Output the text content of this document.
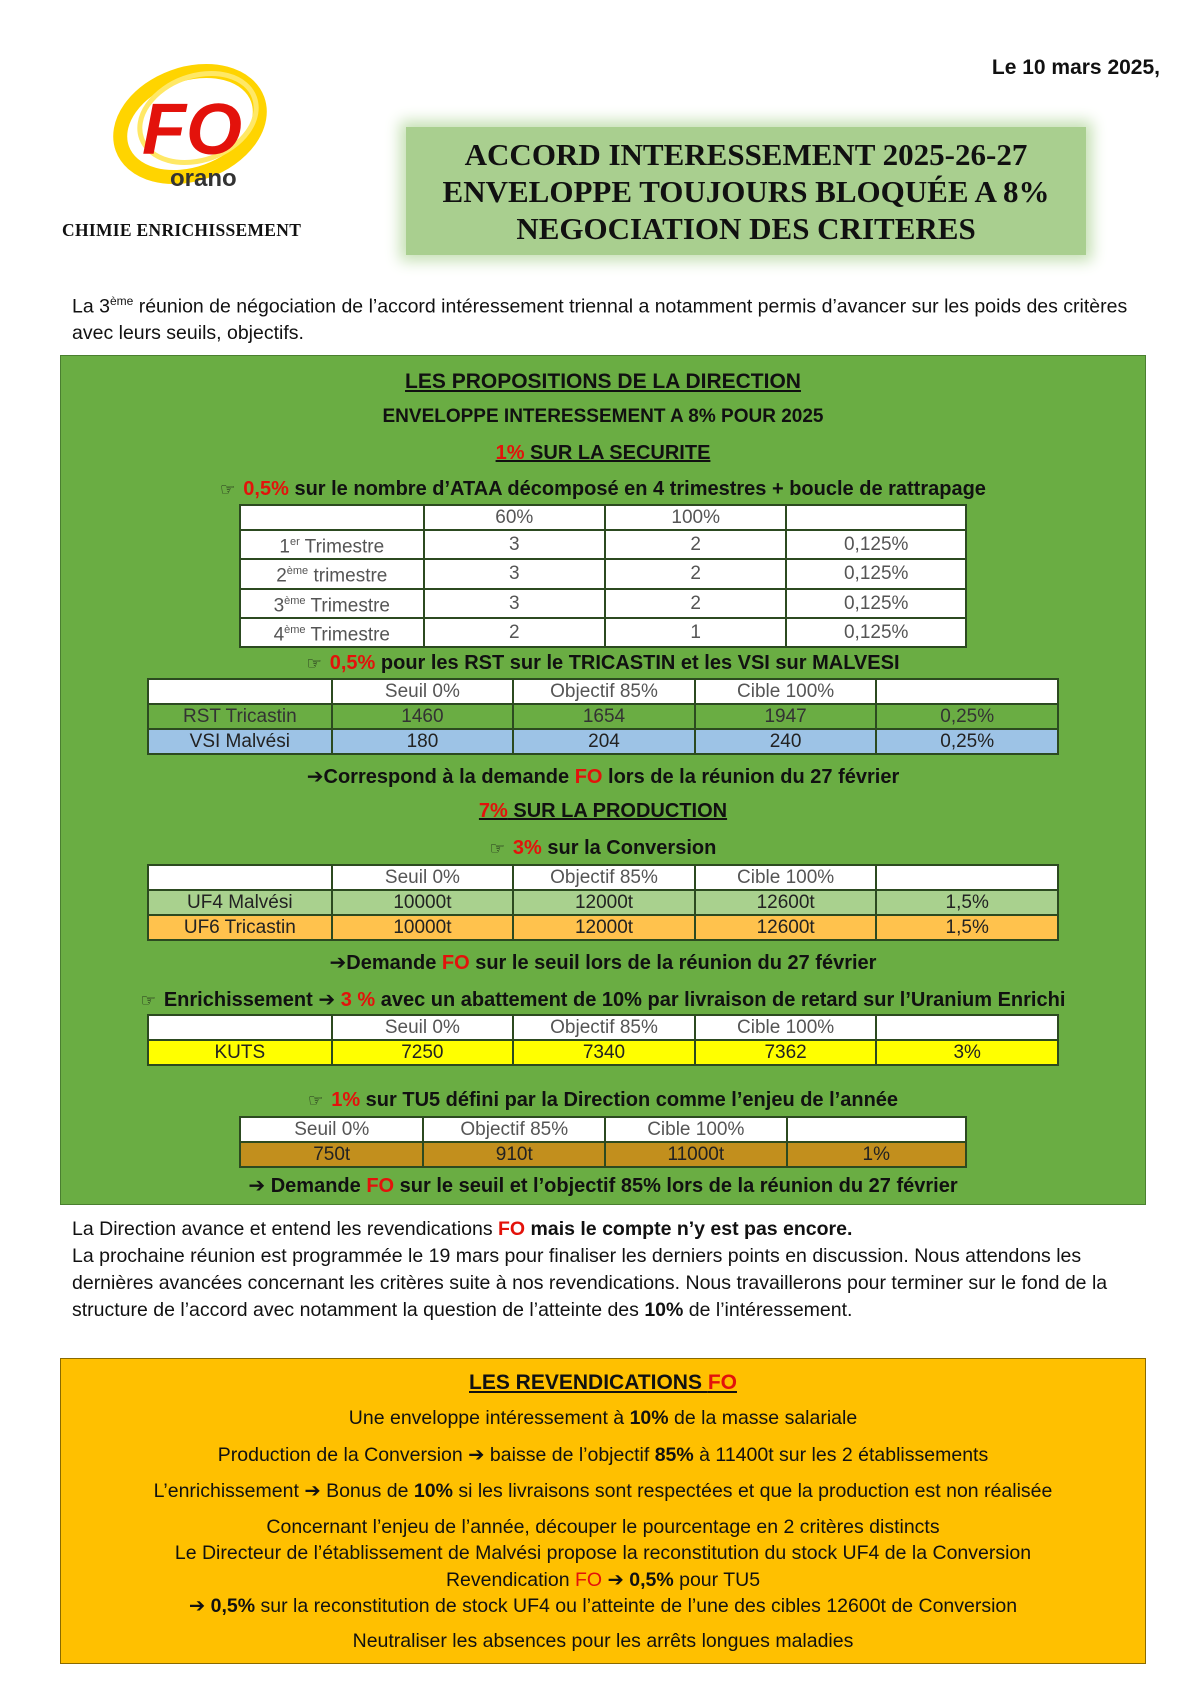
Le 10 mars 2025,
FO
orano
CHIMIE ENRICHISSEMENT
ACCORD INTERESSEMENT 2025-26-27
ENVELOPPE TOUJOURS BLOQUÉE A 8%
NEGOCIATION DES CRITERES
La 3ème réunion de négociation de l’accord intéressement triennal a notamment permis d’avancer sur les poids des critères avec leurs seuils, objectifs.
LES PROPOSITIONS DE LA DIRECTION
ENVELOPPE INTERESSEMENT A 8% POUR 2025
1% SUR LA SECURITE
☞ 0,5% sur le nombre d’ATAA décomposé en 4 trimestres + boucle de rattrapage
	60%	100%	
1er Trimestre	3	2	0,125%
2ème trimestre	3	2	0,125%
3ème Trimestre	3	2	0,125%
4ème Trimestre	2	1	0,125%
☞ 0,5% pour les RST sur le TRICASTIN et les VSI sur MALVESI
	Seuil 0%	Objectif 85%	Cible 100%	
RST Tricastin	1460	1654	1947	0,25%
VSI Malvési	180	204	240	0,25%
➔Correspond à la demande FO lors de la réunion du 27 février
7% SUR LA PRODUCTION
☞ 3% sur la Conversion
	Seuil 0%	Objectif 85%	Cible 100%	
UF4 Malvési	10000t	12000t	12600t	1,5%
UF6 Tricastin	10000t	12000t	12600t	1,5%
➔Demande FO sur le seuil lors de la réunion du 27 février
☞ Enrichissement ➔ 3 % avec un abattement de 10% par livraison de retard sur l’Uranium Enrichi
	Seuil 0%	Objectif 85%	Cible 100%	
KUTS	7250	7340	7362	3%
☞ 1% sur TU5 défini par la Direction comme l’enjeu de l’année
Seuil 0%	Objectif 85%	Cible 100%	
750t	910t	11000t	1%
➔ Demande FO sur le seuil et l’objectif 85% lors de la réunion du 27 février
La Direction avance et entend les revendications FO mais le compte n’y est pas encore.
La prochaine réunion est programmée le 19 mars pour finaliser les derniers points en discussion. Nous attendons les dernières avancées concernant les critères suite à nos revendications. Nous travaillerons pour terminer sur le fond de la structure de l’accord avec notamment la question de l’atteinte des 10% de l’intéressement.
LES REVENDICATIONS FO
Une enveloppe intéressement à 10% de la masse salariale
Production de la Conversion ➔ baisse de l’objectif 85% à 11400t sur les 2 établissements
L’enrichissement ➔ Bonus de 10% si les livraisons sont respectées et que la production est non réalisée
Concernant l’enjeu de l’année, découper le pourcentage en 2 critères distincts
Le Directeur de l’établissement de Malvési propose la reconstitution du stock UF4 de la Conversion
Revendication FO ➔ 0,5% pour TU5
➔ 0,5% sur la reconstitution de stock UF4 ou l’atteinte de l’une des cibles 12600t de Conversion
Neutraliser les absences pour les arrêts longues maladies
